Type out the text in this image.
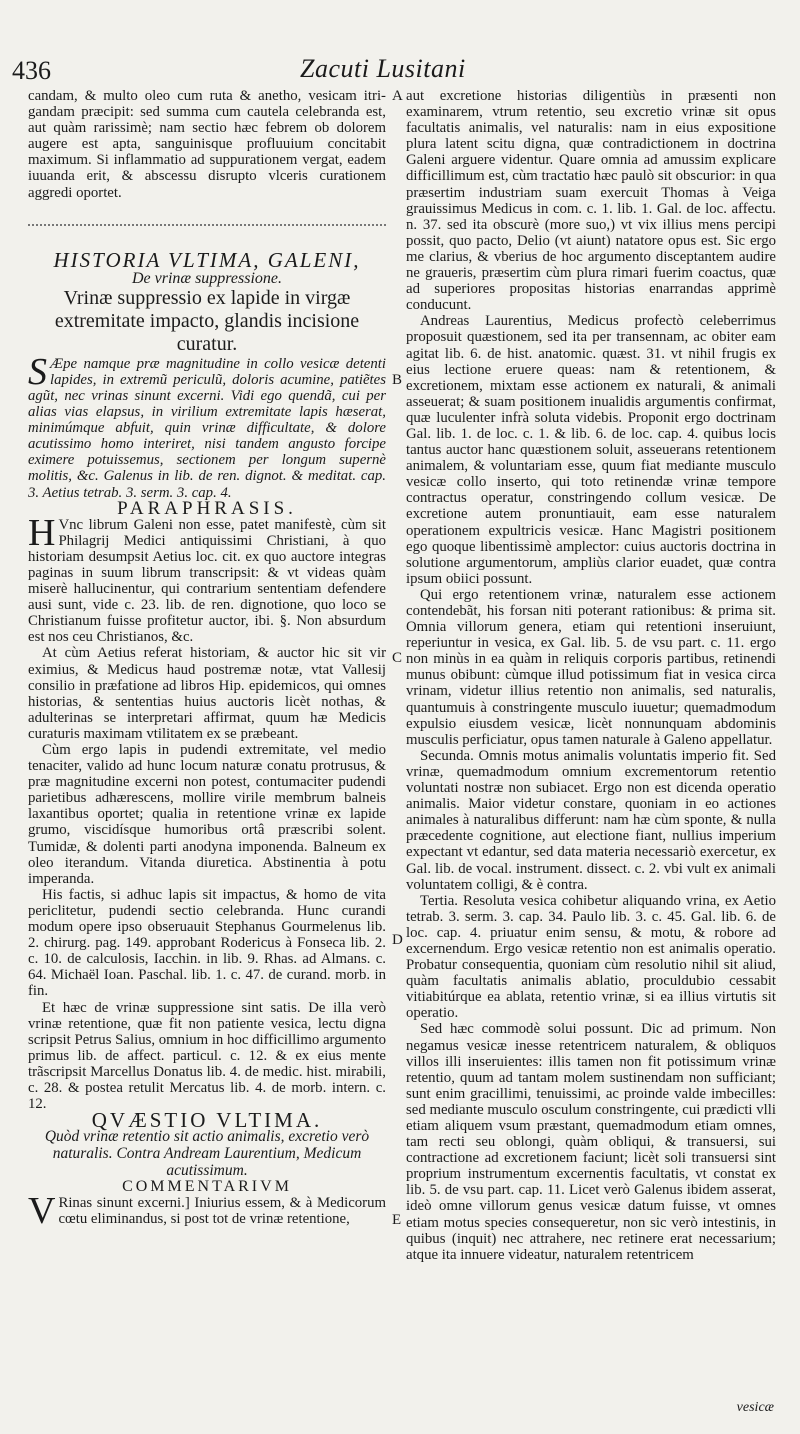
436	Zacuti Lusitani

candam, & multo oleo cum ruta & anetho, vesicam itri-gandam præcipit: sed summa cum cautela celebranda est, aut quàm rarissimè; nam sectio hæc febrem ob dolorem augere est apta, sanguinisque profluuium concitabit maximum. Si inflammatio ad suppurationem vergat, eadem iuuanda erit, & abscessu disrupto vlceris curationem aggredi oportet.

HISTORIA VLTIMA, GALENI,

De vrinæ suppressione.

Vrinæ suppressio ex lapide in virgæ extremitate impacto, glandis incisione curatur.

S Æpe namque præ magnitudine in collo vesicæ detenti lapides, in extremũ periculũ, doloris acumine, patiẽtes agũt, nec vrinas sinunt excerni. Vidi ego quendã, cui per alias vias elapsus, in virilium extremitate lapis hæserat, minimúmque abfuit, quin vrinæ difficultate, & dolore acutissimo homo interiret, nisi tandem angusto forcipe eximere potuissemus, sectionem per longum supernè molitis, &c. Galenus in lib. de ren. dignot. & meditat. cap. 3. Aetius tetrab. 3. serm. 3. cap. 4.

PARAPHRASIS.

H Vnc librum Galeni non esse, patet manifestè, cùm sit Philagrij Medici antiquissimi Christiani, à quo historiam desumpsit Aetius loc. cit. ex quo auctore integras paginas in suum librum transcripsit: & vt videas quàm miserè hallucinentur, qui contrarium sententiam defendere ausi sunt, vide c. 23. lib. de ren. dignotione, quo loco se Christianum fuisse profitetur auctor, ibi. §. Non absurdum est nos ceu Christianos, &c.

At cùm Aetius referat historiam, & auctor hic sit vir eximius, & Medicus haud postremæ notæ, vtat Vallesij consilio in præfatione ad libros Hip. epidemicos, qui omnes historias, & sententias huius auctoris licèt nothas, & adulterinas se interpretari affirmat, quum hæ Medicis curaturis maximam vtilitatem ex se præbeant.

Cùm ergo lapis in pudendi extremitate, vel medio tenaciter, valido ad hunc locum naturæ conatu protrusus, & præ magnitudine excerni non potest, contumaciter pudendi parietibus adhærescens, mollire virile membrum balneis laxantibus oportet; qualia in retentione vrinæ ex lapide grumo, viscidísque humoribus ortâ præscribi solent. Tumidæ, & dolenti parti anodyna imponenda. Balneum ex oleo iterandum. Vitanda diuretica. Abstinentia à potu imperanda.

His factis, si adhuc lapis sit impactus, & homo de vita periclitetur, pudendi sectio celebranda. Hunc curandi modum opere ipso obseruauit Stephanus Gourmelenus lib. 2. chirurg. pag. 149. approbant Rodericus à Fonseca lib. 2. c. 10. de calculosis, Iacchin. in lib. 9. Rhas. ad Almans. c. 64. Michaël Ioan. Paschal. lib. 1. c. 47. de curand. morb. in fin.

Et hæc de vrinæ suppressione sint satis. De illa verò vrinæ retentione, quæ fit non patiente vesica, lectu digna scripsit Petrus Salius, omnium in hoc difficillimo argumento primus lib. de affect. particul. c. 12. & ex eius mente trãscripsit Marcellus Donatus lib. 4. de medic. hist. mirabili, c. 28. & postea retulit Mercatus lib. 4. de morb. intern. c. 12.

QVÆSTIO VLTIMA.

Quòd vrinæ retentio sit actio animalis, excretio verò naturalis. Contra Andream Laurentium, Medicum acutissimum.

COMMENTARIVM

V Rinas sinunt excerni.] Iniurius essem, & à Medicorum cœtu eliminandus, si post tot de vrinæ retentione,

A
B
C
D
E

aut excretione historias diligentiùs in præsenti non examinarem, vtrum retentio, seu excretio vrinæ sit opus facultatis animalis, vel naturalis: nam in eius expositione plura latent scitu digna, quæ contradictionem in doctrina Galeni arguere videntur. Quare omnia ad amussim explicare difficillimum est, cùm tractatio hæc paulò sit obscurior: in qua præsertim industriam suam exercuit Thomas à Veiga grauissimus Medicus in com. c. 1. lib. 1. Gal. de loc. affectu. n. 37. sed ita obscurè (more suo,) vt vix illius mens percipi possit, quo pacto, Delio (vt aiunt) natatore opus est. Sic ergo me clarius, & vberius de hoc argumento disceptantem audire ne graueris, præsertim cùm plura rimari fuerim coactus, quæ ad superiores propositas historias enarrandas apprimè conducunt.

Andreas Laurentius, Medicus profectò celeberrimus proposuit quæstionem, sed ita per transennam, ac obiter eam agitat lib. 6. de hist. anatomic. quæst. 31. vt nihil frugis ex eius lectione eruere queas: nam & retentionem, & excretionem, mixtam esse actionem ex naturali, & animali asseuerat; & suam positionem inualidis argumentis confirmat, quæ luculenter infrà soluta videbis. Proponit ergo doctrinam Gal. lib. 1. de loc. c. 1. & lib. 6. de loc. cap. 4. quibus locis tantus auctor hanc quæstionem soluit, asseuerans retentionem animalem, & voluntariam esse, quum fiat mediante musculo vesicæ collo inserto, qui toto retinendæ vrinæ tempore contractus operatur, constringendo collum vesicæ. De excretione autem pronuntiauit, eam esse naturalem operationem expultricis vesicæ. Hanc Magistri positionem ego quoque libentissimè amplector: cuius auctoris doctrina in solutione argumentorum, ampliùs clarior euadet, quæ contra ipsum obiici possunt.

Qui ergo retentionem vrinæ, naturalem esse actionem contendebãt, his forsan niti poterant rationibus: & prima sit. Omnia villorum genera, etiam qui retentioni inseruiunt, reperiuntur in vesica, ex Gal. lib. 5. de vsu part. c. 11. ergo non minùs in ea quàm in reliquis corporis partibus, retinendi munus obibunt: cùmque illud potissimum fiat in vesica circa vrinam, videtur illius retentio non animalis, sed naturalis, quantumuis à constringente musculo iuuetur; quemadmodum expulsio eiusdem vesicæ, licèt nonnunquam abdominis musculis perficiatur, opus tamen naturale à Galeno appellatur.

Secunda. Omnis motus animalis voluntatis imperio fit. Sed vrinæ, quemadmodum omnium excrementorum retentio voluntati nostræ non subiacet. Ergo non est dicenda operatio animalis. Maior videtur constare, quoniam in eo actiones animales à naturalibus differunt: nam hæ cùm sponte, & nulla præcedente cognitione, aut electione fiant, nullius imperium expectant vt edantur, sed data materia necessariò exercetur, ex Gal. lib. de vocal. instrument. dissect. c. 2. vbi vult ex animali voluntatem colligi, & è contra.

Tertia. Resoluta vesica cohibetur aliquando vrina, ex Aetio tetrab. 3. serm. 3. cap. 34. Paulo lib. 3. c. 45. Gal. lib. 6. de loc. cap. 4. priuatur enim sensu, & motu, & robore ad excernendum. Ergo vesicæ retentio non est animalis operatio. Probatur consequentia, quoniam cùm resolutio nihil sit aliud, quàm facultatis animalis ablatio, proculdubio cessabit vitiabitúrque ea ablata, retentio vrinæ, si ea illius virtutis sit operatio.

Sed hæc commodè solui possunt. Dic ad primum. Non negamus vesicæ inesse retentricem naturalem, & obliquos villos illi inseruientes: illis tamen non fit potissimum vrinæ retentio, quum ad tantam molem sustinendam non sufficiant; sunt enim gracillimi, tenuissimi, ac proinde valde imbecilles: sed mediante musculo osculum constringente, cui prædicti vlli etiam aliquem vsum præstant, quemadmodum etiam omnes, tam recti seu oblongi, quàm obliqui, & transuersi, sui contractione ad excretionem faciunt; licèt soli transuersi sint proprium instrumentum excernentis facultatis, vt constat ex lib. 5. de vsu part. cap. 11. Licet verò Galenus ibidem asserat, ideò omne villorum genus vesicæ datum fuisse, vt omnes etiam motus species consequeretur, non sic verò intestinis, in quibus (inquit) nec attrahere, nec retinere erat necessarium; atque ita innuere videatur, naturalem retentricem

vesicæ
